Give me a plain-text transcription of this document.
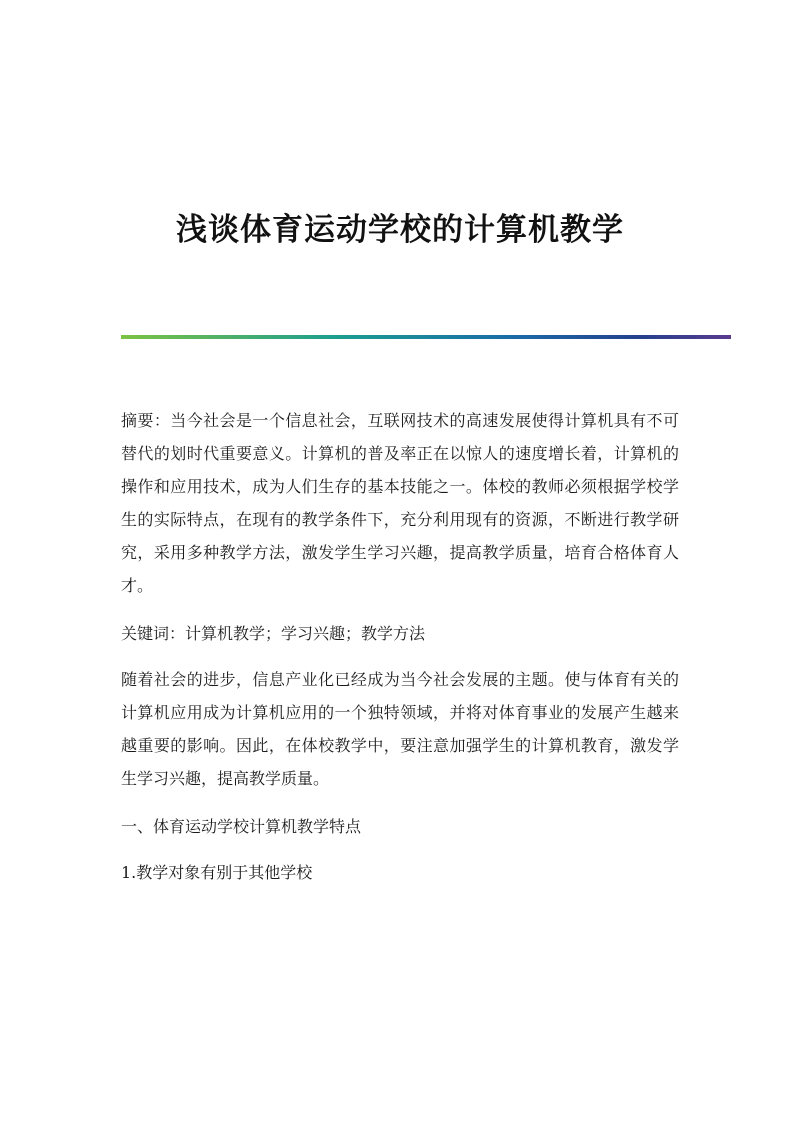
浅谈体育运动学校的计算机教学

摘要：当今社会是一个信息社会，互联网技术的高速发展使得计算机具有不可替代的划时代重要意义。计算机的普及率正在以惊人的速度增长着，计算机的操作和应用技术，成为人们生存的基本技能之一。体校的教师必须根据学校学生的实际特点，在现有的教学条件下，充分利用现有的资源，不断进行教学研究，采用多种教学方法，激发学生学习兴趣，提高教学质量，培育合格体育人才。

关键词：计算机教学；学习兴趣；教学方法

随着社会的进步，信息产业化已经成为当今社会发展的主题。使与体育有关的计算机应用成为计算机应用的一个独特领域，并将对体育事业的发展产生越来越重要的影响。因此，在体校教学中，要注意加强学生的计算机教育，激发学生学习兴趣，提高教学质量。

一、体育运动学校计算机教学特点

1.教学对象有别于其他学校
